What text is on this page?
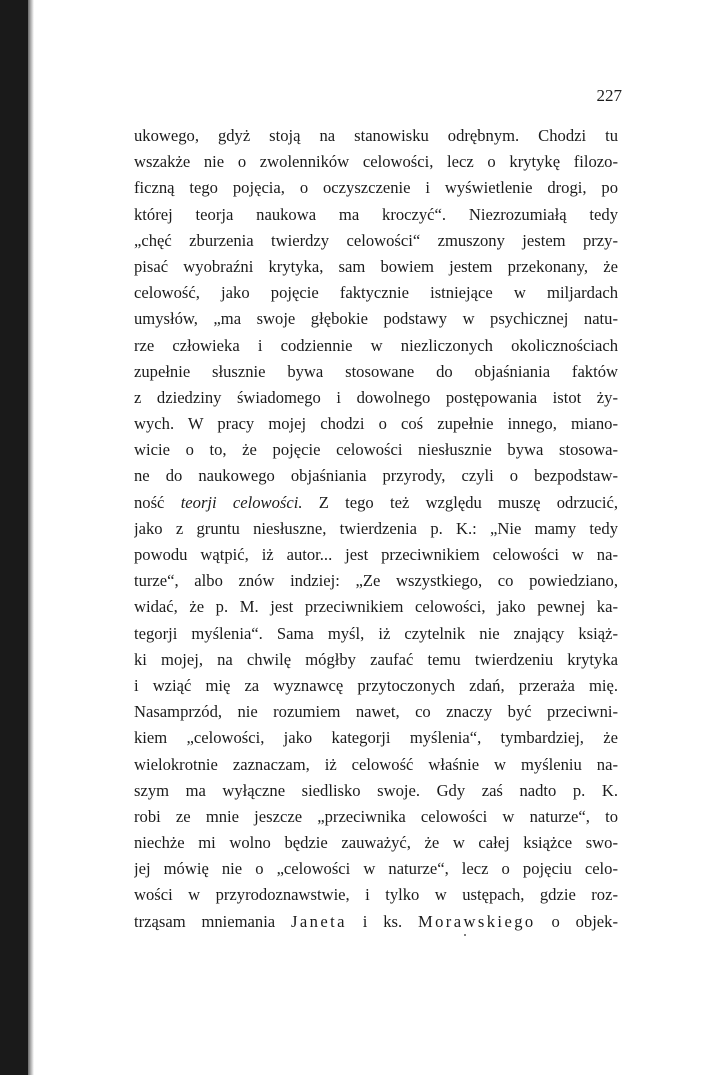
227
ukowego, gdyż stoją na stanowisku odrębnym. Chodzi tu
wszakże nie o zwolenników celowości, lecz o krytykę filozo-
ficzną tego pojęcia, o oczyszczenie i wyświetlenie drogi, po
której teorja naukowa ma kroczyć“. Niezrozumiałą tedy
„chęć zburzenia twierdzy celowości“ zmuszony jestem przy-
pisać wyobraźni krytyka, sam bowiem jestem przekonany, że
celowość, jako pojęcie faktycznie istniejące w miljardach
umysłów, „ma swoje głębokie podstawy w psychicznej natu-
rze człowieka i codziennie w niezliczonych okolicznościach
zupełnie słusznie bywa stosowane do objaśniania faktów
z dziedziny świadomego i dowolnego postępowania istot ży-
wych. W pracy mojej chodzi o coś zupełnie innego, miano-
wicie o to, że pojęcie celowości niesłusznie bywa stosowa-
ne do naukowego objaśniania przyrody, czyli o bezpodstaw-
ność teorji celowości. Z tego też względu muszę odrzucić,
jako z gruntu niesłuszne, twierdzenia p. K.: „Nie mamy tedy
powodu wątpić, iż autor... jest przeciwnikiem celowości w na-
turze“, albo znów indziej: „Ze wszystkiego, co powiedziano,
widać, że p. M. jest przeciwnikiem celowości, jako pewnej ka-
tegorji myślenia“. Sama myśl, iż czytelnik nie znający książ-
ki mojej, na chwilę mógłby zaufać temu twierdzeniu krytyka
i wziąć mię za wyznawcę przytoczonych zdań, przeraża mię.
Nasamprzód, nie rozumiem nawet, co znaczy być przeciwni-
kiem „celowości, jako kategorji myślenia“, tymbardziej, że
wielokrotnie zaznaczam, iż celowość właśnie w myśleniu na-
szym ma wyłączne siedlisko swoje. Gdy zaś nadto p. K.
robi ze mnie jeszcze „przeciwnika celowości w naturze“, to
niechże mi wolno będzie zauważyć, że w całej książce swo-
jej mówię nie o „celowości w naturze“, lecz o pojęciu celo-
wości w przyrodoznawstwie, i tylko w ustępach, gdzie roz-
trząsam mniemania Janeta i ks. Morawskiego o objek-
